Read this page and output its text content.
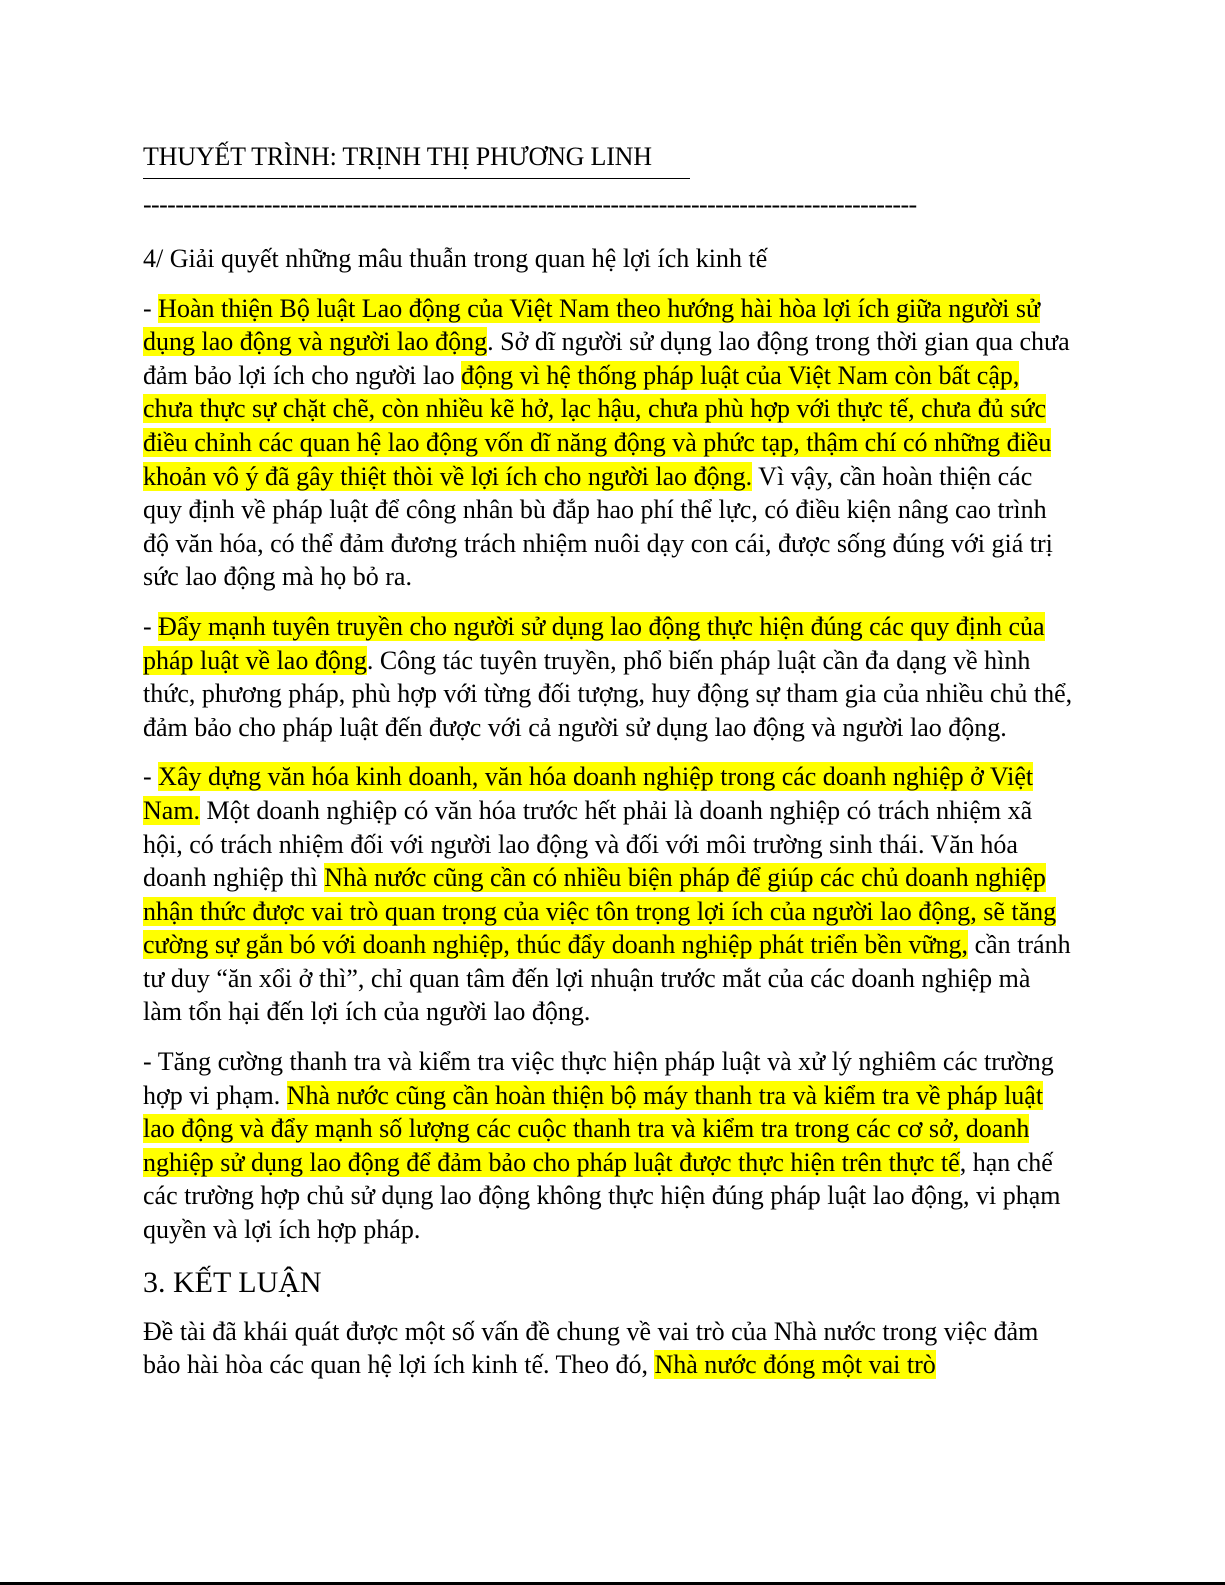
THUYẾT TRÌNH: TRỊNH THỊ PHƯƠNG LINH
------------------------------------------------------------------------------------------------

4/ Giải quyết những mâu thuẫn trong quan hệ lợi ích kinh tế

- Hoàn thiện Bộ luật Lao động của Việt Nam theo hướng hài hòa lợi ích giữa người sử dụng lao động và người lao động. Sở dĩ người sử dụng lao động trong thời gian qua chưa đảm bảo lợi ích cho người lao động vì hệ thống pháp luật của Việt Nam còn bất cập, chưa thực sự chặt chẽ, còn nhiều kẽ hở, lạc hậu, chưa phù hợp với thực tế, chưa đủ sức điều chỉnh các quan hệ lao động vốn dĩ năng động và phức tạp, thậm chí có những điều khoản vô ý đã gây thiệt thòi về lợi ích cho người lao động. Vì vậy, cần hoàn thiện các quy định về pháp luật để công nhân bù đắp hao phí thể lực, có điều kiện nâng cao trình độ văn hóa, có thể đảm đương trách nhiệm nuôi dạy con cái, được sống đúng với giá trị sức lao động mà họ bỏ ra.

- Đẩy mạnh tuyên truyền cho người sử dụng lao động thực hiện đúng các quy định của pháp luật về lao động. Công tác tuyên truyền, phổ biến pháp luật cần đa dạng về hình thức, phương pháp, phù hợp với từng đối tượng, huy động sự tham gia của nhiều chủ thể, đảm bảo cho pháp luật đến được với cả người sử dụng lao động và người lao động.

- Xây dựng văn hóa kinh doanh, văn hóa doanh nghiệp trong các doanh nghiệp ở Việt Nam. Một doanh nghiệp có văn hóa trước hết phải là doanh nghiệp có trách nhiệm xã hội, có trách nhiệm đối với người lao động và đối với môi trường sinh thái. Văn hóa doanh nghiệp thì Nhà nước cũng cần có nhiều biện pháp để giúp các chủ doanh nghiệp nhận thức được vai trò quan trọng của việc tôn trọng lợi ích của người lao động, sẽ tăng cường sự gắn bó với doanh nghiệp, thúc đẩy doanh nghiệp phát triển bền vững, cần tránh tư duy “ăn xổi ở thì”, chỉ quan tâm đến lợi nhuận trước mắt của các doanh nghiệp mà làm tổn hại đến lợi ích của người lao động.

- Tăng cường thanh tra và kiểm tra việc thực hiện pháp luật và xử lý nghiêm các trường hợp vi phạm. Nhà nước cũng cần hoàn thiện bộ máy thanh tra và kiểm tra về pháp luật lao động và đẩy mạnh số lượng các cuộc thanh tra và kiểm tra trong các cơ sở, doanh nghiệp sử dụng lao động để đảm bảo cho pháp luật được thực hiện trên thực tế, hạn chế các trường hợp chủ sử dụng lao động không thực hiện đúng pháp luật lao động, vi phạm quyền và lợi ích hợp pháp.

3. KẾT LUẬN

Đề tài đã khái quát được một số vấn đề chung về vai trò của Nhà nước trong việc đảm bảo hài hòa các quan hệ lợi ích kinh tế. Theo đó, Nhà nước đóng một vai trò
